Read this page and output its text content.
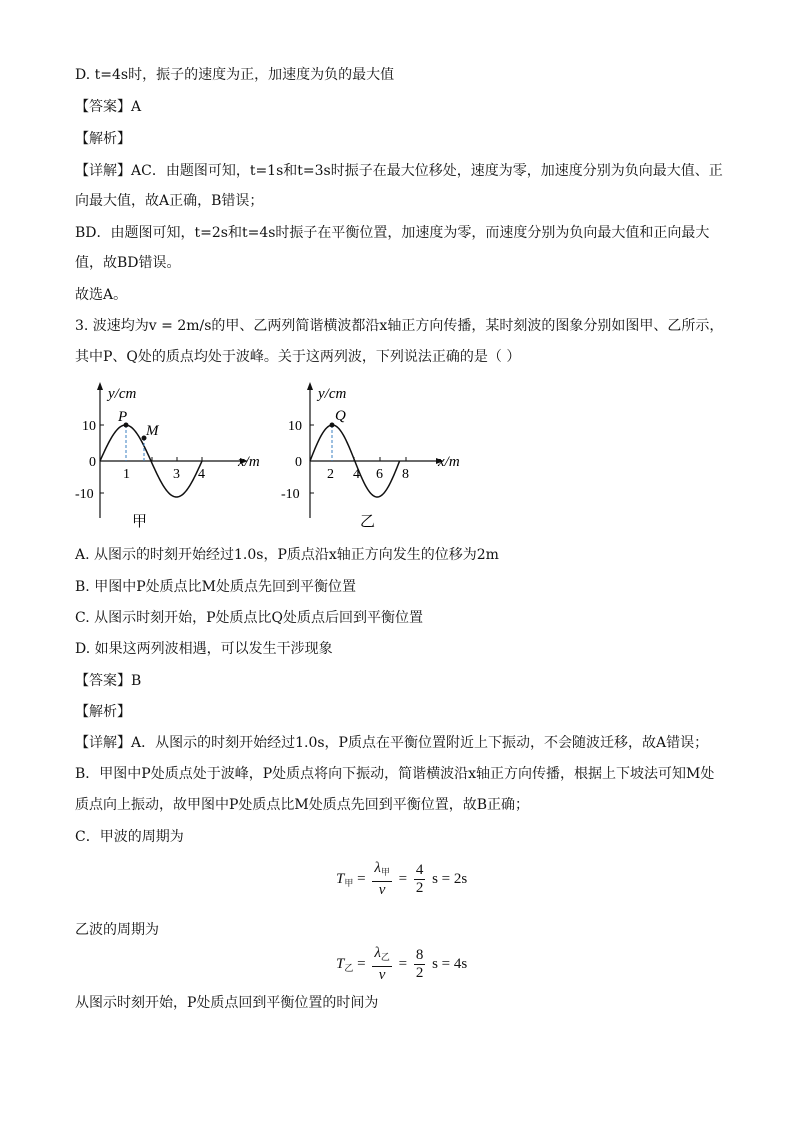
D. t=4s时，振子的速度为正，加速度为负的最大值
【答案】A
【解析】
【详解】AC．由题图可知，t=1s和t=3s时振子在最大位移处，速度为零，加速度分别为负向最大值、正
向最大值，故A正确，B错误；
BD．由题图可知，t=2s和t=4s时振子在平衡位置，加速度为零，而速度分别为负向最大值和正向最大
值，故BD错误。
故选A。
3. 波速均为v = 2m/s的甲、乙两列简谐横波都沿x轴正方向传播，某时刻波的图象分别如图甲、乙所示，
其中P、Q处的质点均处于波峰。关于这两列波，下列说法正确的是（ ）
y/cm
x/m
10
0
-10
P
M
1	3 4
甲
y/cm
x/m
10
0
-10
Q
2 4 6 8
乙
A. 从图示的时刻开始经过1.0s，P质点沿x轴正方向发生的位移为2m
B. 甲图中P处质点比M处质点先回到平衡位置
C. 从图示时刻开始，P处质点比Q处质点后回到平衡位置
D. 如果这两列波相遇，可以发生干涉现象
【答案】B
【解析】
【详解】A．从图示的时刻开始经过1.0s，P质点在平衡位置附近上下振动，不会随波迁移，故A错误；
B．甲图中P处质点处于波峰，P处质点将向下振动，简谐横波沿x轴正方向传播，根据上下坡法可知M处
质点向上振动，故甲图中P处质点比M处质点先回到平衡位置，故B正确；
C．甲波的周期为
$T_甲 = \frac{\lambda_甲}{v} = \frac{4}{2}$ s = 2s
乙波的周期为
$T_乙 = \frac{\lambda_乙}{v} = \frac{8}{2}$ s = 4s
从图示时刻开始，P处质点回到平衡位置的时间为
